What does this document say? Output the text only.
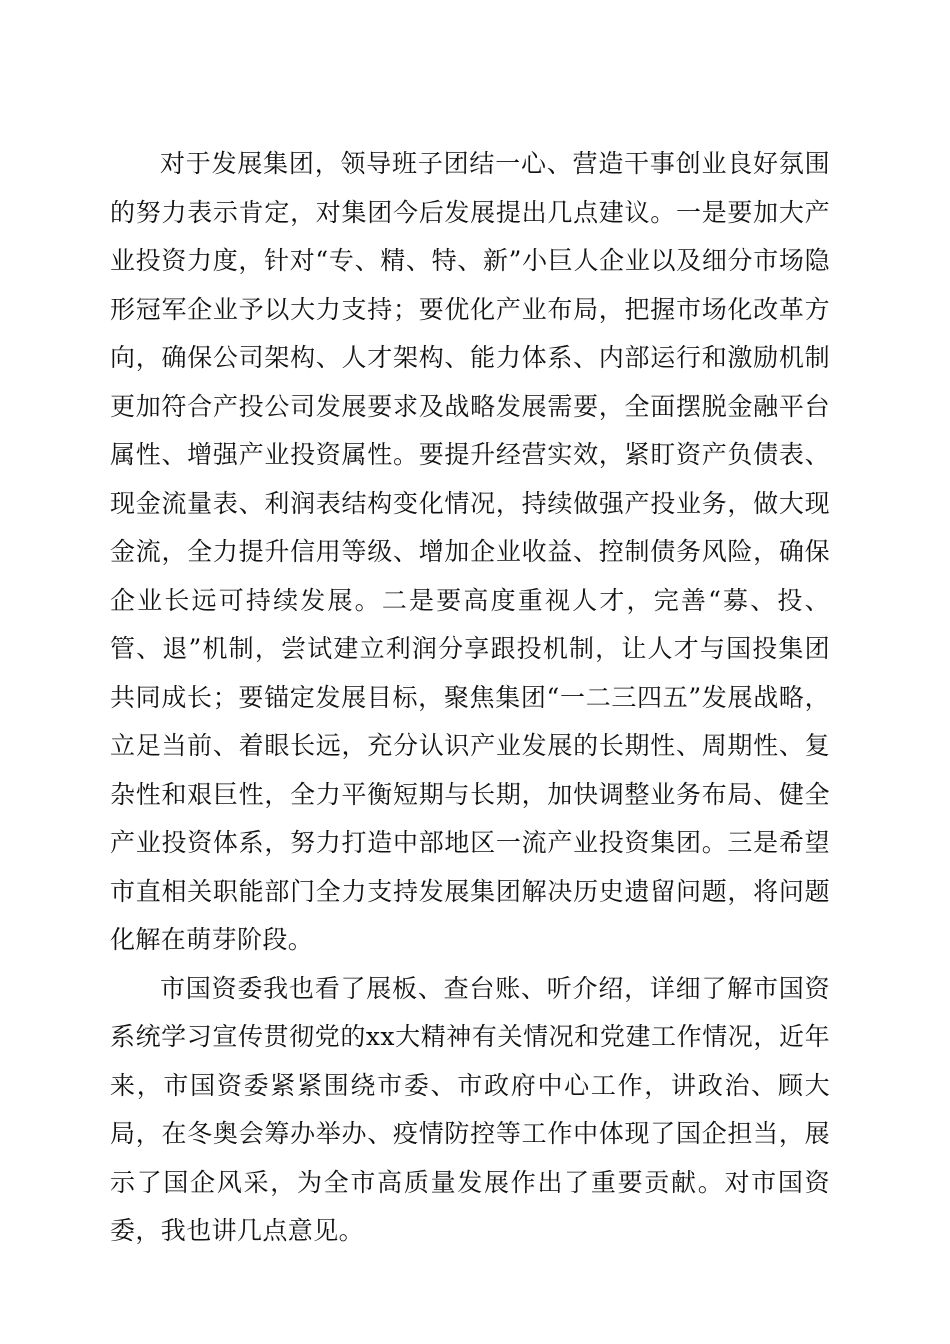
对于发展集团，领导班子团结一心、营造干事创业良好氛围的努力表示肯定，对集团今后发展提出几点建议。一是要加大产业投资力度，针对“专、精、特、新”小巨人企业以及细分市场隐形冠军企业予以大力支持；要优化产业布局，把握市场化改革方向，确保公司架构、人才架构、能力体系、内部运行和激励机制更加符合产投公司发展要求及战略发展需要，全面摆脱金融平台属性、增强产业投资属性。要提升经营实效，紧盯资产负债表、现金流量表、利润表结构变化情况，持续做强产投业务，做大现金流，全力提升信用等级、增加企业收益、控制债务风险，确保企业长远可持续发展。二是要高度重视人才，完善“募、投、管、退”机制，尝试建立利润分享跟投机制，让人才与国投集团共同成长；要锚定发展目标，聚焦集团“一二三四五”发展战略，立足当前、着眼长远，充分认识产业发展的长期性、周期性、复杂性和艰巨性，全力平衡短期与长期，加快调整业务布局、健全产业投资体系，努力打造中部地区一流产业投资集团。三是希望市直相关职能部门全力支持发展集团解决历史遗留问题，将问题化解在萌芽阶段。

市国资委我也看了展板、查台账、听介绍，详细了解市国资系统学习宣传贯彻党的xx大精神有关情况和党建工作情况，近年来，市国资委紧紧围绕市委、市政府中心工作，讲政治、顾大局，在冬奥会筹办举办、疫情防控等工作中体现了国企担当，展示了国企风采，为全市高质量发展作出了重要贡献。对市国资委，我也讲几点意见。
